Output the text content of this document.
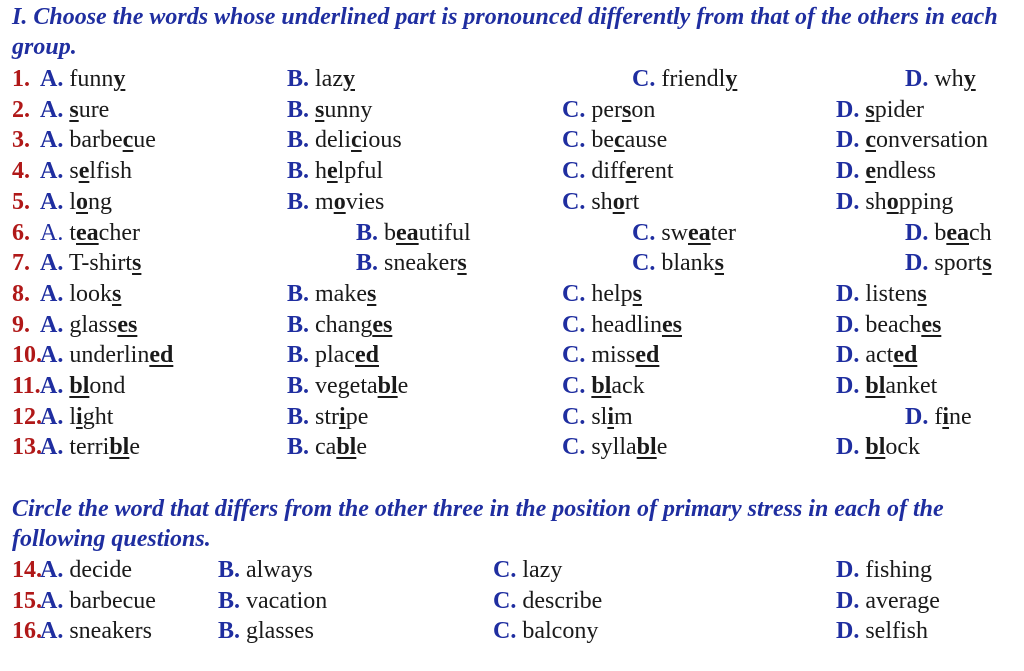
I. Choose the words whose underlined part is pronounced differently from that of the others in each group.

1. A. funny	B. lazy	C. friendly	D. why
2. A. sure	B. sunny	C. person	D. spider
3. A. barbecue	B. delicious	C. because	D. conversation
4. A. selfish	B. helpful	C. different	D. endless
5. A. long	B. movies	C. short	D. shopping
6. A. teacher	B. beautiful	C. sweater	D. beach
7. A. T-shirts	B. sneakers	C. blanks	D. sports
8. A. looks	B. makes	C. helps	D. listens
9. A. glasses	B. changes	C. headlines	D. beaches
10.
A. underlined	B. placed	C. missed	D. acted
11. A. blond	B. vegetable	C. black	D. blanket
12.
A. light	B. stripe	C. slim	D. fine
13.
A. terrible	B. cable	C. syllable	D. block

Circle the word that differs from the other three in the position of primary stress in each of the following questions.

14.
A. decide	B. always	C. lazy	D. fishing
15.
A. barbecue	B. vacation	C. describe	D. average
16.
A. sneakers	B. glasses	C. balcony	D. selfish
